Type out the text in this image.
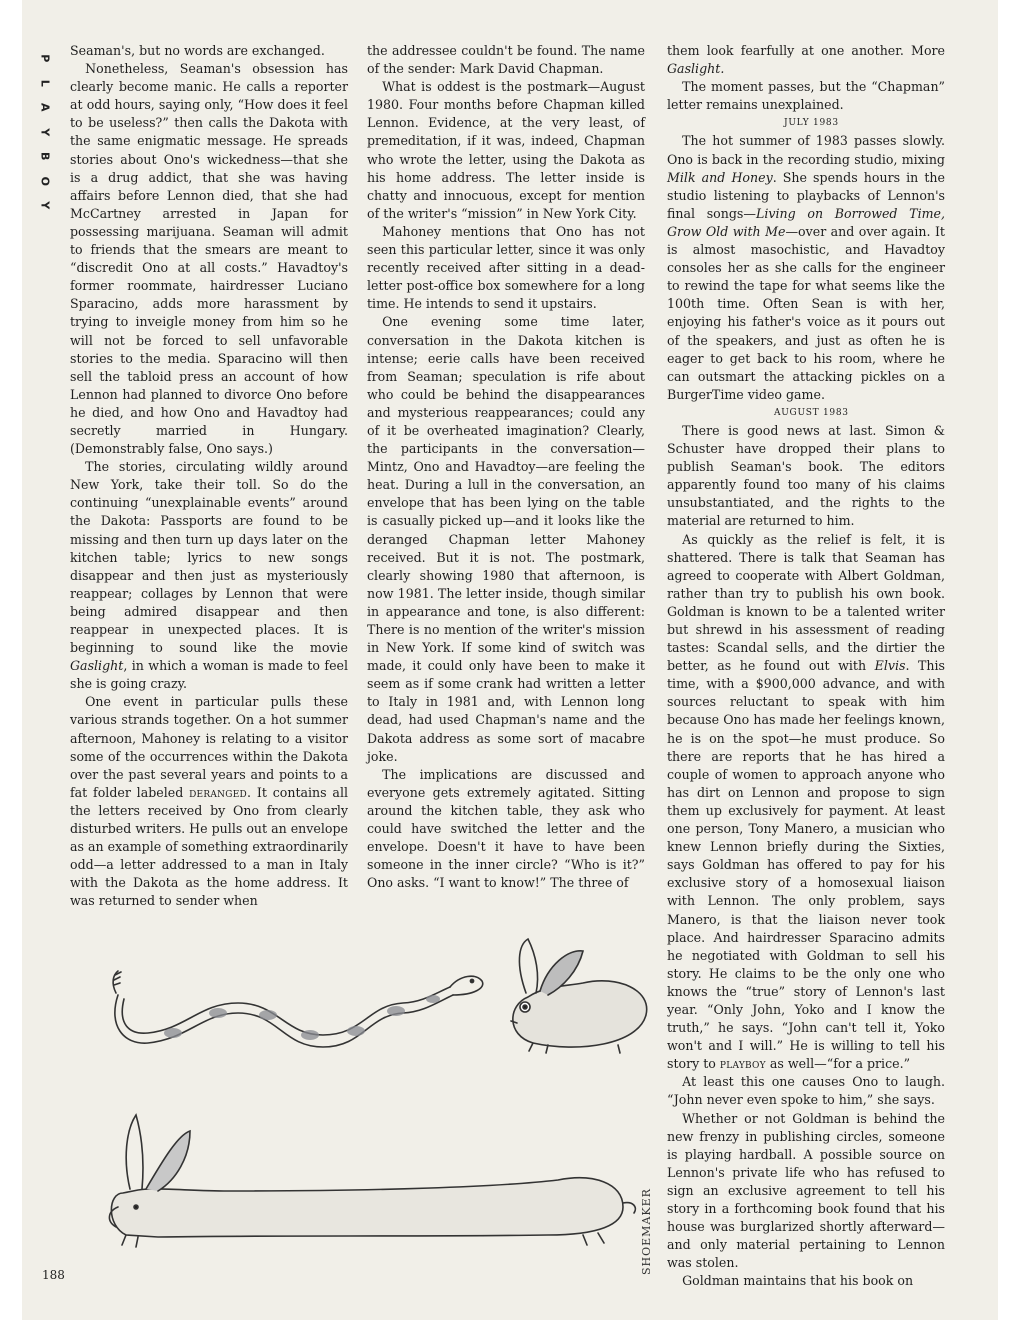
P
L
A
Y
B
O
Y

Seaman's, but no words are exchanged.

Nonetheless, Seaman's obsession has clearly become manic. He calls a reporter at odd hours, saying only, “How does it feel to be useless?” then calls the Dakota with the same enigmatic message. He spreads stories about Ono's wickedness—that she is a drug addict, that she was having affairs before Lennon died, that she had McCartney arrested in Japan for possessing marijuana. Seaman will admit to friends that the smears are meant to “discredit Ono at all costs.” Havadtoy's former roommate, hairdresser Luciano Sparacino, adds more harassment by trying to inveigle money from him so he will not be forced to sell unfavorable stories to the media. Sparacino will then sell the tabloid press an account of how Lennon had planned to divorce Ono before he died, and how Ono and Havadtoy had secretly married in Hungary. (Demonstrably false, Ono says.)

The stories, circulating wildly around New York, take their toll. So do the continuing “unexplainable events” around the Dakota: Passports are found to be missing and then turn up days later on the kitchen table; lyrics to new songs disappear and then just as mysteriously reappear; collages by Lennon that were being admired disappear and then reappear in unexpected places. It is beginning to sound like the movie Gaslight, in which a woman is made to feel she is going crazy.

One event in particular pulls these various strands together. On a hot summer afternoon, Mahoney is relating to a visitor some of the occurrences within the Dakota over the past several years and points to a fat folder labeled deranged. It contains all the letters received by Ono from clearly disturbed writers. He pulls out an envelope as an example of something extraordinarily odd—a letter addressed to a man in Italy with the Dakota as the home address. It was returned to sender when

the addressee couldn't be found. The name of the sender: Mark David Chapman.

What is oddest is the postmark—August 1980. Four months before Chapman killed Lennon. Evidence, at the very least, of premeditation, if it was, indeed, Chapman who wrote the letter, using the Dakota as his home address. The letter inside is chatty and innocuous, except for mention of the writer's “mission” in New York City.

Mahoney mentions that Ono has not seen this particular letter, since it was only recently received after sitting in a dead-letter post-office box somewhere for a long time. He intends to send it upstairs.

One evening some time later, conversation in the Dakota kitchen is intense; eerie calls have been received from Seaman; speculation is rife about who could be behind the disappearances and mysterious reappearances; could any of it be overheated imagination? Clearly, the participants in the conversation—Mintz, Ono and Havadtoy—are feeling the heat. During a lull in the conversation, an envelope that has been lying on the table is casually picked up—and it looks like the deranged Chapman letter Mahoney received. But it is not. The postmark, clearly showing 1980 that afternoon, is now 1981. The letter inside, though similar in appearance and tone, is also different: There is no mention of the writer's mission in New York. If some kind of switch was made, it could only have been to make it seem as if some crank had written a letter to Italy in 1981 and, with Lennon long dead, had used Chapman's name and the Dakota address as some sort of macabre joke.

The implications are discussed and everyone gets extremely agitated. Sitting around the kitchen table, they ask who could have switched the letter and the envelope. Doesn't it have to have been someone in the inner circle? “Who is it?” Ono asks. “I want to know!” The three of

them look fearfully at one another. More Gaslight.

The moment passes, but the “Chapman” letter remains unexplained.

JULY 1983

The hot summer of 1983 passes slowly. Ono is back in the recording studio, mixing Milk and Honey. She spends hours in the studio listening to playbacks of Lennon's final songs—Living on Borrowed Time, Grow Old with Me—over and over again. It is almost masochistic, and Havadtoy consoles her as she calls for the engineer to rewind the tape for what seems like the 100th time. Often Sean is with her, enjoying his father's voice as it pours out of the speakers, and just as often he is eager to get back to his room, where he can outsmart the attacking pickles on a BurgerTime video game.

AUGUST 1983

There is good news at last. Simon & Schuster have dropped their plans to publish Seaman's book. The editors apparently found too many of his claims unsubstantiated, and the rights to the material are returned to him.

As quickly as the relief is felt, it is shattered. There is talk that Seaman has agreed to cooperate with Albert Goldman, rather than try to publish his own book. Goldman is known to be a talented writer but shrewd in his assessment of reading tastes: Scandal sells, and the dirtier the better, as he found out with Elvis. This time, with a $900,000 advance, and with sources reluctant to speak with him because Ono has made her feelings known, he is on the spot—he must produce. So there are reports that he has hired a couple of women to approach anyone who has dirt on Lennon and propose to sign them up exclusively for payment. At least one person, Tony Manero, a musician who knew Lennon briefly during the Sixties, says Goldman has offered to pay for his exclusive story of a homosexual liaison with Lennon. The only problem, says Manero, is that the liaison never took place. And hairdresser Sparacino admits he negotiated with Goldman to sell his story. He claims to be the only one who knows the “true” story of Lennon's last year. “Only John, Yoko and I know the truth,” he says. “John can't tell it, Yoko won't and I will.” He is willing to tell his story to playboy as well—“for a price.”

At least this one causes Ono to laugh. “John never even spoke to him,” she says.

Whether or not Goldman is behind the new frenzy in publishing circles, someone is playing hardball. A possible source on Lennon's private life who has refused to sign an exclusive agreement to tell his story in a forthcoming book found that his house was burglarized shortly afterward—and only material pertaining to Lennon was stolen.

Goldman maintains that his book on

188	SHOEMAKER
